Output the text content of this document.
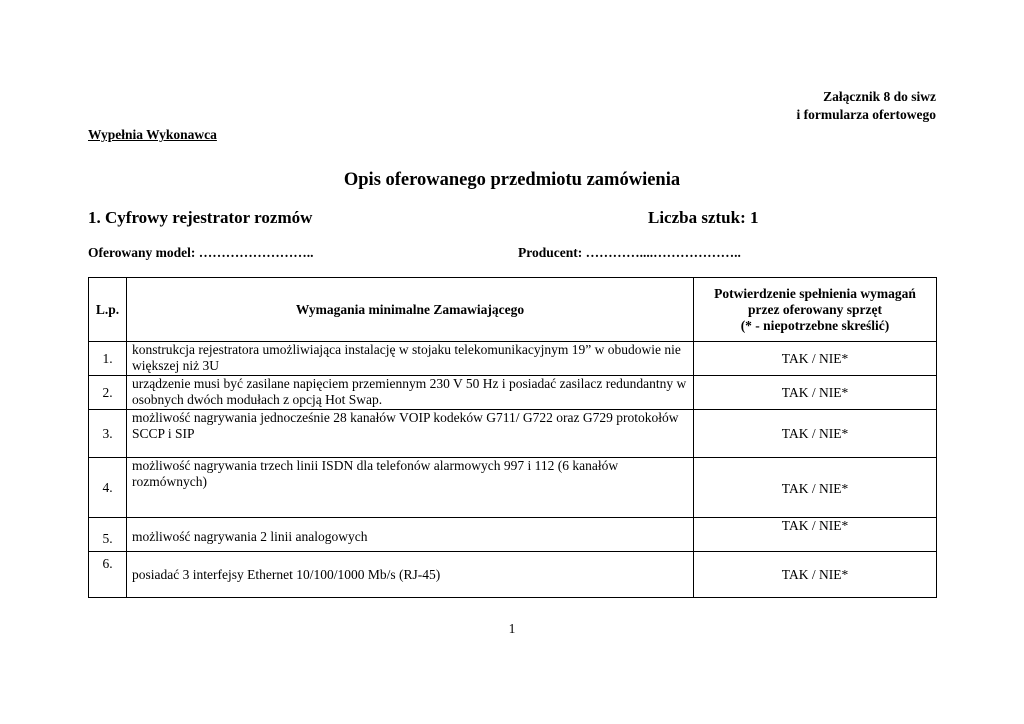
Załącznik 8 do siwz
i formularza ofertowego
Wypełnia Wykonawca
Opis oferowanego przedmiotu zamówienia
1. Cyfrowy rejestrator rozmów	Liczba sztuk: 1
Oferowany model: ……………………..	Producent: …………....………………..
L.p.	Wymagania minimalne Zamawiającego	Potwierdzenie spełnienia wymagań
przez oferowany sprzęt
(* - niepotrzebne skreślić)

1.	konstrukcja rejestratora umożliwiająca instalację w stojaku telekomunikacyjnym 19” w obudowie nie większej niż 3U	TAK / NIE*
2.	urządzenie musi być zasilane napięciem przemiennym 230 V 50 Hz i posiadać zasilacz redundantny w osobnych dwóch modułach z opcją Hot Swap.	TAK / NIE*
3.	możliwość nagrywania jednocześnie 28 kanałów VOIP kodeków G711/ G722 oraz G729 protokołów SCCP i SIP	TAK / NIE*
4.	możliwość nagrywania trzech linii ISDN dla telefonów alarmowych 997 i 112 (6 kanałów rozmównych)	TAK / NIE*
5.	możliwość nagrywania 2 linii analogowych	TAK / NIE*
6.	posiadać 3 interfejsy Ethernet 10/100/1000 Mb/s (RJ-45)	TAK / NIE*
1
